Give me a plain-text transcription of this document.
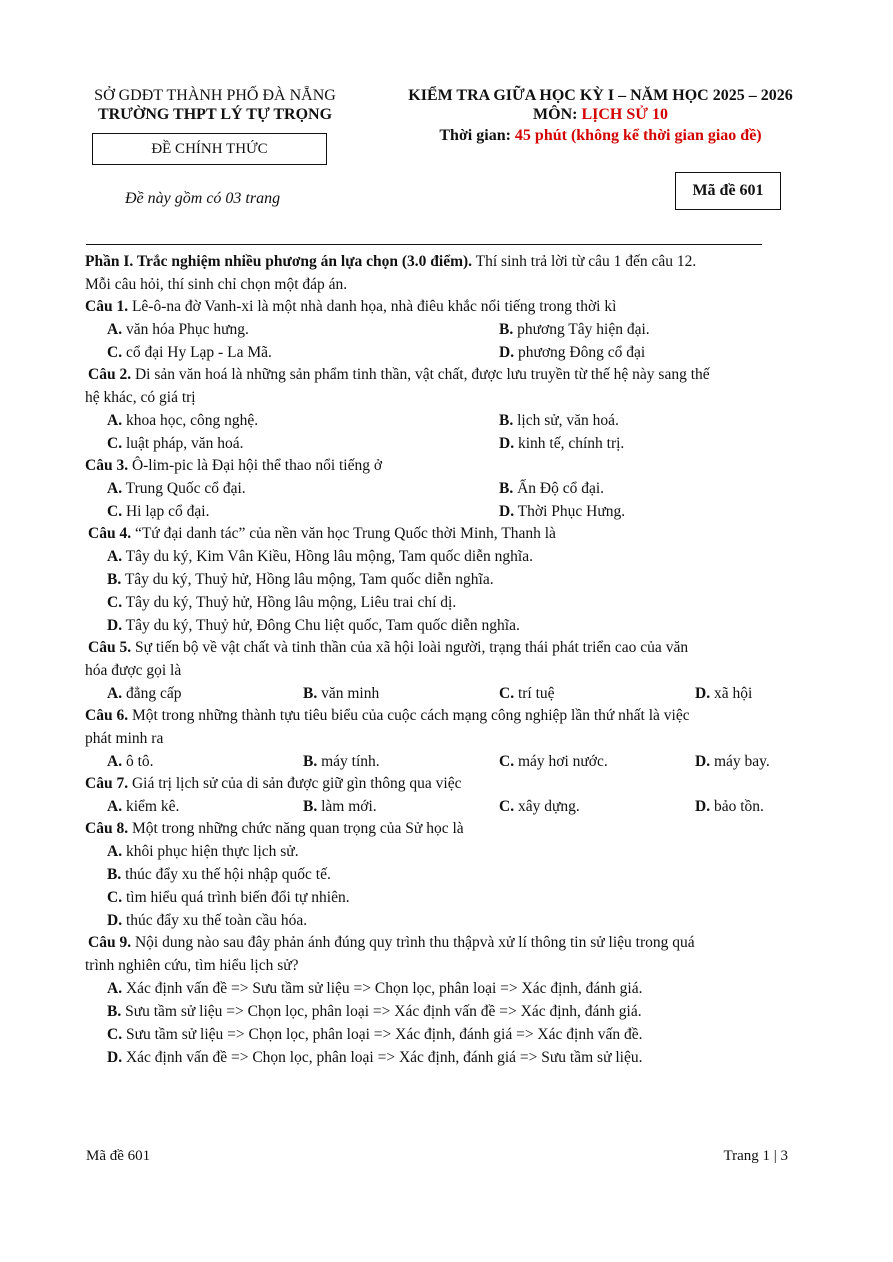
SỞ GDĐT THÀNH PHỐ ĐÀ NẴNG
TRƯỜNG THPT LÝ TỰ TRỌNG
ĐỀ CHÍNH THỨC
Đề này gồm có 03 trang
KIỂM TRA GIỮA HỌC KỲ I – NĂM HỌC 2025 – 2026
MÔN: LỊCH SỬ 10
Thời gian: 45 phút (không kể thời gian giao đề)
Mã đề 601
Phần I. Trắc nghiệm nhiều phương án lựa chọn (3.0 điểm). Thí sinh trả lời từ câu 1 đến câu 12.
Mỗi câu hỏi, thí sinh chỉ chọn một đáp án.
Câu 1. Lê-ô-na đờ Vanh-xi là một nhà danh họa, nhà điêu khắc nổi tiếng trong thời kì
A. văn hóa Phục hưng.	B. phương Tây hiện đại.
C. cổ đại Hy Lạp - La Mã.	D. phương Đông cổ đại
Câu 2. Di sản văn hoá là những sản phẩm tinh thần, vật chất, được lưu truyền từ thế hệ này sang thế
hệ khác, có giá trị
A. khoa học, công nghệ.	B. lịch sử, văn hoá.
C. luật pháp, văn hoá.	D. kinh tế, chính trị.
Câu 3. Ô-lim-pic là Đại hội thể thao nổi tiếng ở
A. Trung Quốc cổ đại.	B. Ấn Độ cổ đại.
C. Hi lạp cổ đại.	D. Thời Phục Hưng.
Câu 4. “Tứ đại danh tác” của nền văn học Trung Quốc thời Minh, Thanh là
A. Tây du ký, Kim Vân Kiều, Hồng lâu mộng, Tam quốc diễn nghĩa.
B. Tây du ký, Thuỷ hử, Hồng lâu mộng, Tam quốc diễn nghĩa.
C. Tây du ký, Thuỷ hử, Hồng lâu mộng, Liêu trai chí dị.
D. Tây du ký, Thuỷ hử, Đông Chu liệt quốc, Tam quốc diễn nghĩa.
Câu 5. Sự tiến bộ về vật chất và tinh thần của xã hội loài người, trạng thái phát triển cao của văn
hóa được gọi là
A. đẳng cấp	B. văn minh	C. trí tuệ	D. xã hội
Câu 6. Một trong những thành tựu tiêu biểu của cuộc cách mạng công nghiệp lần thứ nhất là việc
phát minh ra
A. ô tô.	B. máy tính.	C. máy hơi nước.	D. máy bay.
Câu 7. Giá trị lịch sử của di sản được giữ gìn thông qua việc
A. kiểm kê.	B. làm mới.	C. xây dựng.	D. bảo tồn.
Câu 8. Một trong những chức năng quan trọng của Sử học là
A. khôi phục hiện thực lịch sử.
B. thúc đẩy xu thế hội nhập quốc tế.
C. tìm hiểu quá trình biến đổi tự nhiên.
D. thúc đẩy xu thế toàn cầu hóa.
Câu 9. Nội dung nào sau đây phản ánh đúng quy trình thu thậpvà xử lí thông tin sử liệu trong quá
trình nghiên cứu, tìm hiểu lịch sử?
A. Xác định vấn đề => Sưu tầm sử liệu => Chọn lọc, phân loại => Xác định, đánh giá.
B. Sưu tầm sử liệu => Chọn lọc, phân loại => Xác định vấn đề => Xác định, đánh giá.
C. Sưu tầm sử liệu => Chọn lọc, phân loại => Xác định, đánh giá => Xác định vấn đề.
D. Xác định vấn đề => Chọn lọc, phân loại => Xác định, đánh giá => Sưu tầm sử liệu.
Mã đề 601	Trang 1 | 3
